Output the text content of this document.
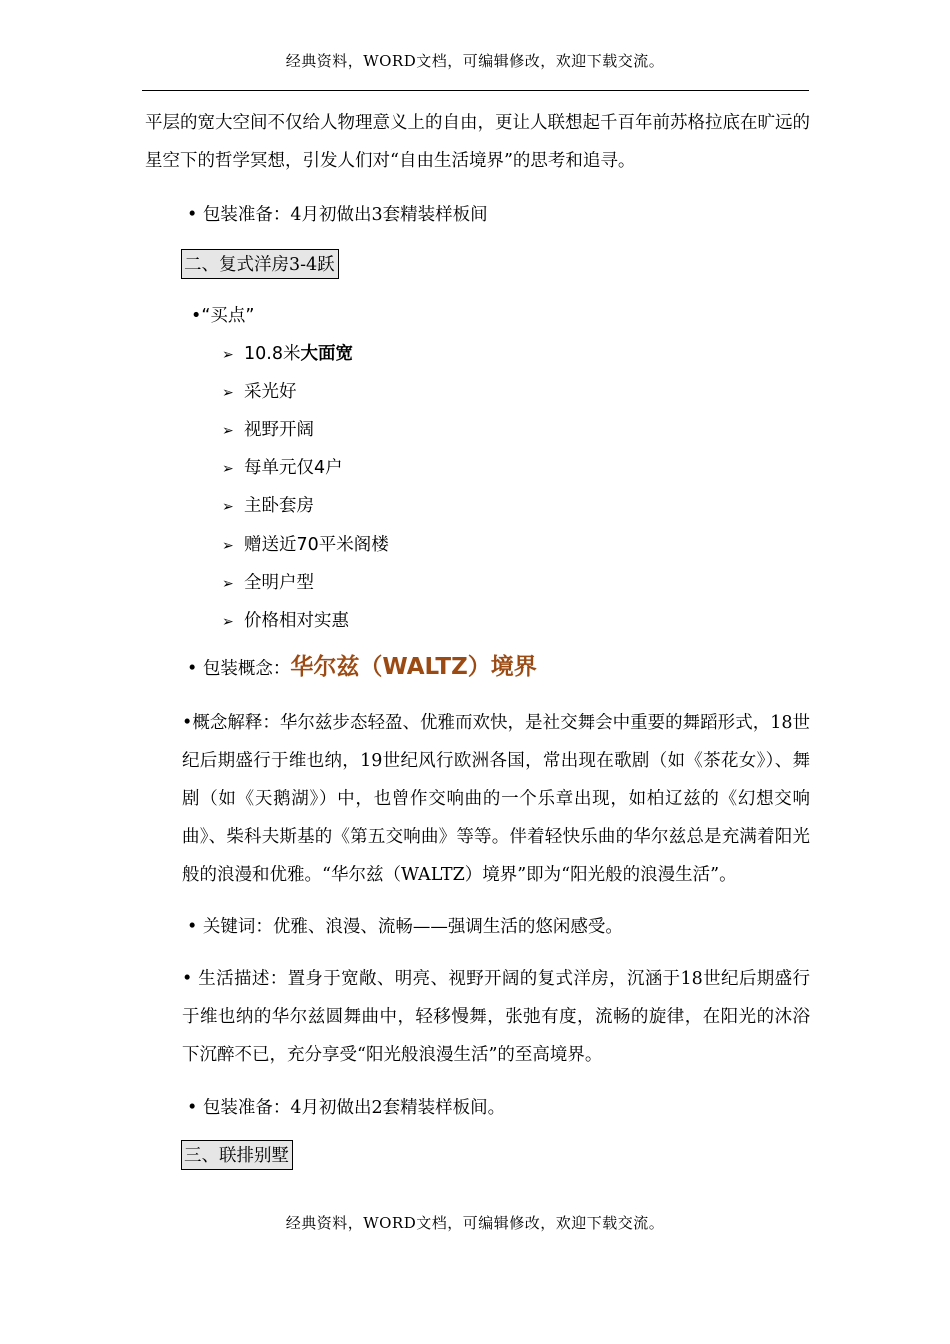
经典资料，WORD文档，可编辑修改，欢迎下载交流。
平层的宽大空间不仅给人物理意义上的自由，更让人联想起千百年前苏格拉底在旷远的星空下的哲学冥想，引发人们对“自由生活境界”的思考和追寻。
• 包装准备：4月初做出3套精装样板间
二、复式洋房3-4跃
•“买点”
➢ 10.8米大面宽
➢ 采光好
➢ 视野开阔
➢ 每单元仅4户
➢ 主卧套房
➢ 赠送近70平米阁楼
➢ 全明户型
➢ 价格相对实惠
• 包装概念：华尔兹（WALTZ）境界
•概念解释：华尔兹步态轻盈、优雅而欢快，是社交舞会中重要的舞蹈形式，18世纪后期盛行于维也纳，19世纪风行欧洲各国，常出现在歌剧（如《茶花女》）、舞剧（如《天鹅湖》）中，也曾作交响曲的一个乐章出现，如柏辽兹的《幻想交响曲》、柴科夫斯基的《第五交响曲》等等。伴着轻快乐曲的华尔兹总是充满着阳光般的浪漫和优雅。“华尔兹（WALTZ）境界”即为“阳光般的浪漫生活”。
• 关键词：优雅、浪漫、流畅——强调生活的悠闲感受。
• 生活描述：置身于宽敞、明亮、视野开阔的复式洋房，沉涵于18世纪后期盛行于维也纳的华尔兹圆舞曲中，轻移慢舞，张弛有度，流畅的旋律，在阳光的沐浴下沉醉不已，充分享受“阳光般浪漫生活”的至高境界。
• 包装准备：4月初做出2套精装样板间。
三、联排别墅
经典资料，WORD文档，可编辑修改，欢迎下载交流。
